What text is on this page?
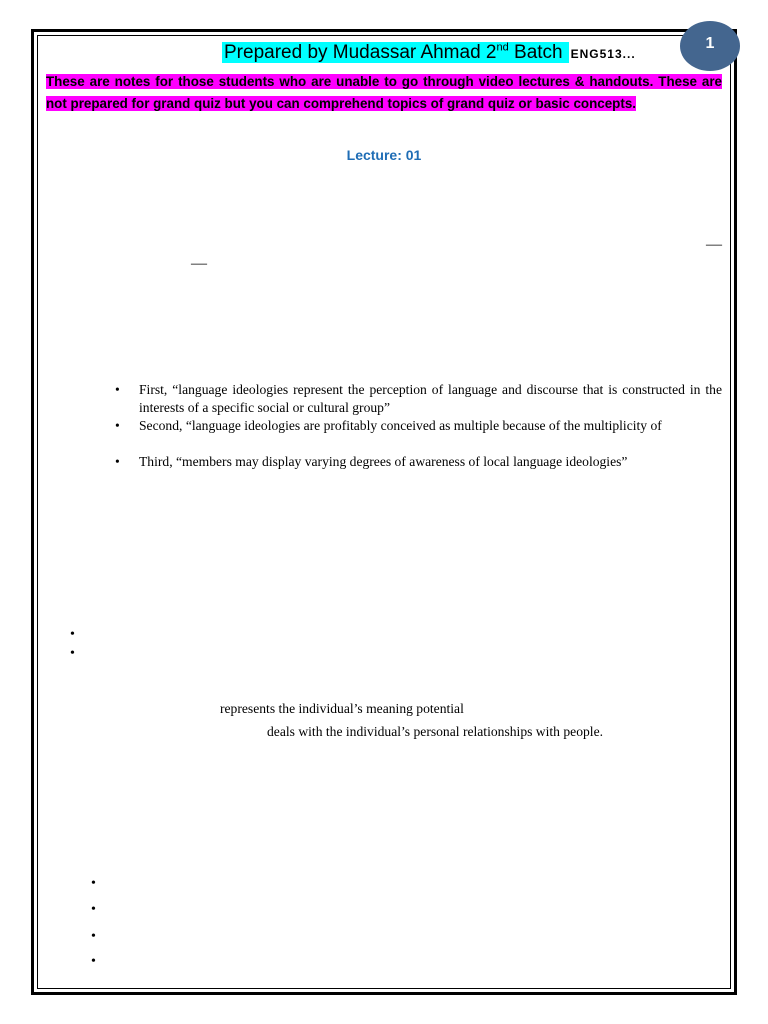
1
Prepared by Mudassar Ahmad 2nd Batch ENG513...
These are notes for those students who are unable to go through video lectures & handouts. These are not prepared for grand quiz but you can comprehend topics of grand quiz or basic concepts.
Lecture: 01
—
—
• First, “language ideologies represent the perception of language and discourse that is constructed in the interests of a specific social or cultural group”
• Second, “language ideologies are profitably conceived as multiple because of the multiplicity of
• Third, “members may display varying degrees of awareness of local language ideologies”
•
•
represents the individual’s meaning potential
deals with the individual’s personal relationships with people.
•
•
•
•
